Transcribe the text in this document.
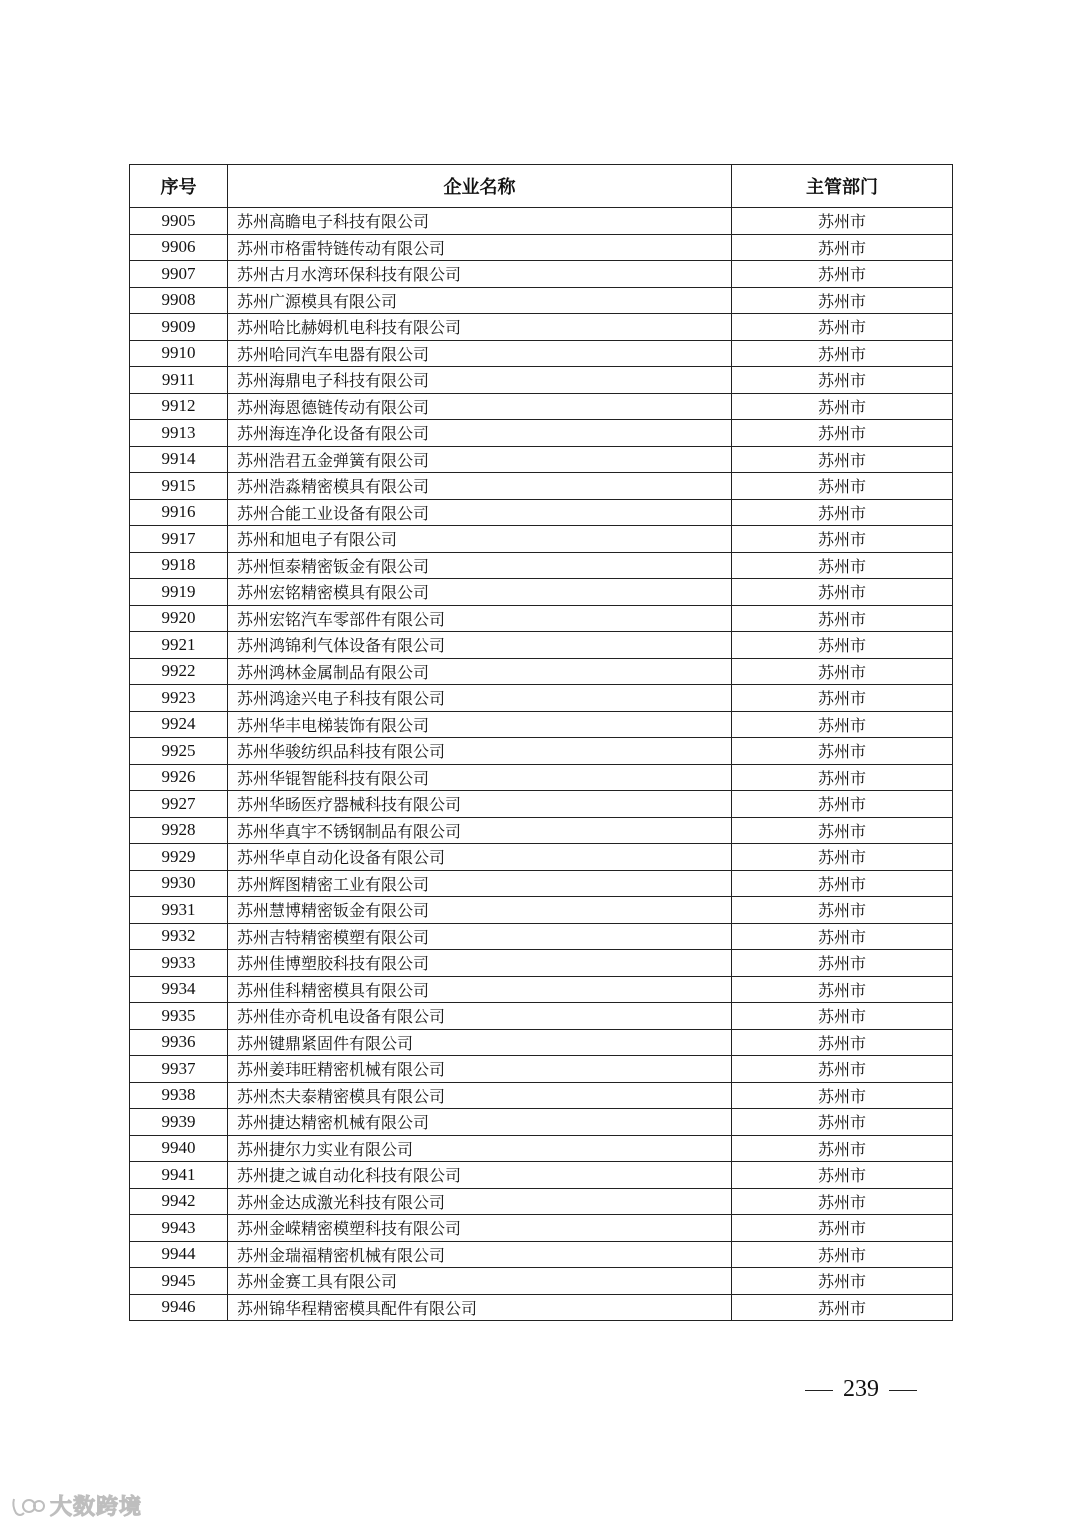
序号	企业名称	主管部门
9905	苏州高瞻电子科技有限公司	苏州市
9906	苏州市格雷特链传动有限公司	苏州市
9907	苏州古月水湾环保科技有限公司	苏州市
9908	苏州广源模具有限公司	苏州市
9909	苏州哈比赫姆机电科技有限公司	苏州市
9910	苏州哈同汽车电器有限公司	苏州市
9911	苏州海鼎电子科技有限公司	苏州市
9912	苏州海恩德链传动有限公司	苏州市
9913	苏州海连净化设备有限公司	苏州市
9914	苏州浩君五金弹簧有限公司	苏州市
9915	苏州浩淼精密模具有限公司	苏州市
9916	苏州合能工业设备有限公司	苏州市
9917	苏州和旭电子有限公司	苏州市
9918	苏州恒泰精密钣金有限公司	苏州市
9919	苏州宏铭精密模具有限公司	苏州市
9920	苏州宏铭汽车零部件有限公司	苏州市
9921	苏州鸿锦利气体设备有限公司	苏州市
9922	苏州鸿林金属制品有限公司	苏州市
9923	苏州鸿途兴电子科技有限公司	苏州市
9924	苏州华丰电梯装饰有限公司	苏州市
9925	苏州华骏纺织品科技有限公司	苏州市
9926	苏州华锟智能科技有限公司	苏州市
9927	苏州华旸医疗器械科技有限公司	苏州市
9928	苏州华真宇不锈钢制品有限公司	苏州市
9929	苏州华卓自动化设备有限公司	苏州市
9930	苏州辉图精密工业有限公司	苏州市
9931	苏州慧博精密钣金有限公司	苏州市
9932	苏州吉特精密模塑有限公司	苏州市
9933	苏州佳博塑胶科技有限公司	苏州市
9934	苏州佳科精密模具有限公司	苏州市
9935	苏州佳亦奇机电设备有限公司	苏州市
9936	苏州键鼎紧固件有限公司	苏州市
9937	苏州姜玮旺精密机械有限公司	苏州市
9938	苏州杰夫泰精密模具有限公司	苏州市
9939	苏州捷达精密机械有限公司	苏州市
9940	苏州捷尔力实业有限公司	苏州市
9941	苏州捷之诚自动化科技有限公司	苏州市
9942	苏州金达成激光科技有限公司	苏州市
9943	苏州金嵘精密模塑科技有限公司	苏州市
9944	苏州金瑞福精密机械有限公司	苏州市
9945	苏州金赛工具有限公司	苏州市
9946	苏州锦华程精密模具配件有限公司	苏州市
239
大数跨境
